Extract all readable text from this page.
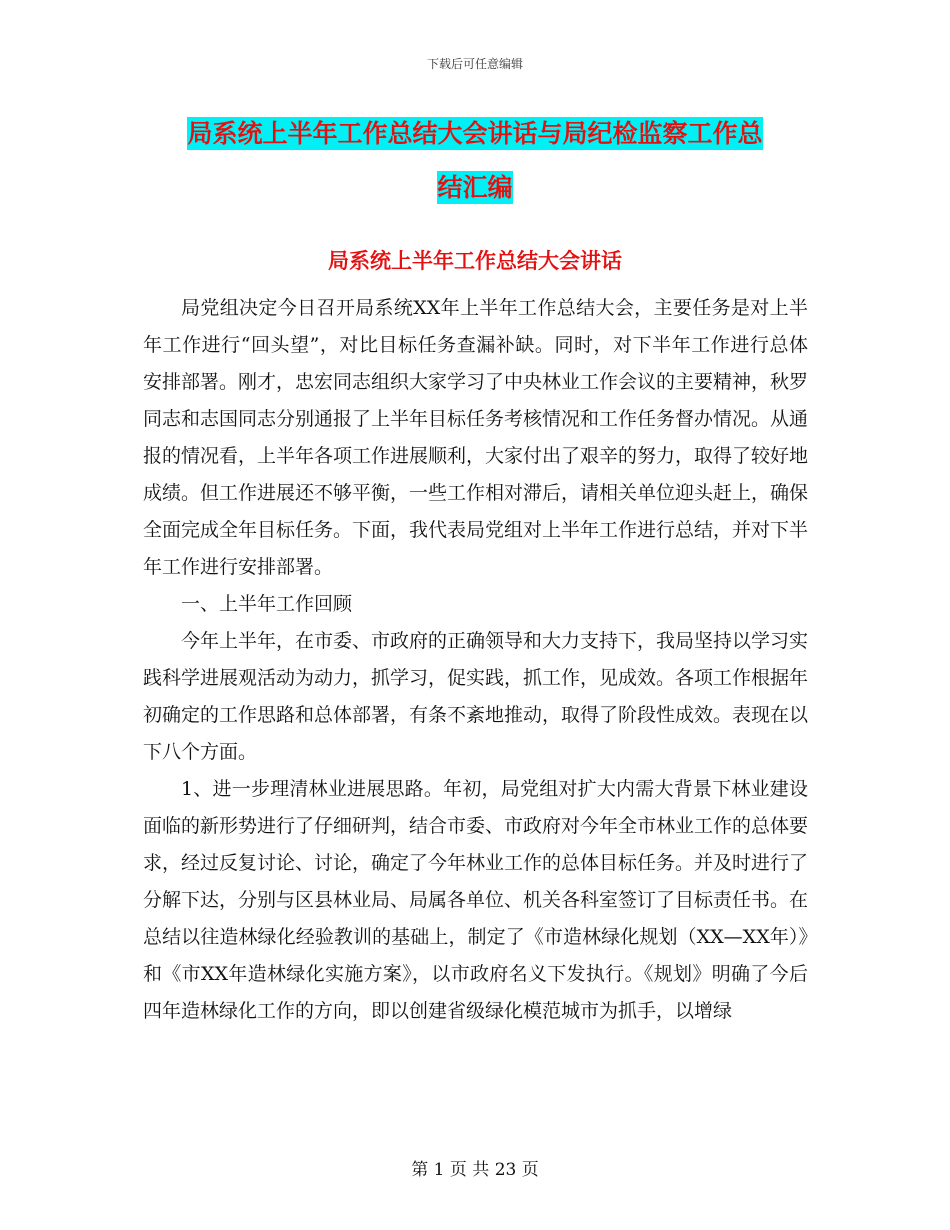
下载后可任意编辑
局系统上半年工作总结大会讲话与局纪检监察工作总
结汇编
局系统上半年工作总结大会讲话

局党组决定今日召开局系统XX年上半年工作总结大会，主要任务是对上半年工作进行“回头望”，对比目标任务查漏补缺。同时，对下半年工作进行总体安排部署。刚才，忠宏同志组织大家学习了中央林业工作会议的主要精神，秋罗同志和志国同志分别通报了上半年目标任务考核情况和工作任务督办情况。从通报的情况看，上半年各项工作进展顺利，大家付出了艰辛的努力，取得了较好地成绩。但工作进展还不够平衡，一些工作相对滞后，请相关单位迎头赶上，确保全面完成全年目标任务。下面，我代表局党组对上半年工作进行总结，并对下半年工作进行安排部署。

一、上半年工作回顾

今年上半年，在市委、市政府的正确领导和大力支持下，我局坚持以学习实践科学进展观活动为动力，抓学习，促实践，抓工作，见成效。各项工作根据年初确定的工作思路和总体部署，有条不紊地推动，取得了阶段性成效。表现在以下八个方面。

1、进一步理清林业进展思路。年初，局党组对扩大内需大背景下林业建设面临的新形势进行了仔细研判，结合市委、市政府对今年全市林业工作的总体要求，经过反复讨论、讨论，确定了今年林业工作的总体目标任务。并及时进行了分解下达，分别与区县林业局、局属各单位、机关各科室签订了目标责任书。在总结以往造林绿化经验教训的基础上，制定了《市造林绿化规划（XX—XX年）》和《市XX年造林绿化实施方案》，以市政府名义下发执行。《规划》明确了今后四年造林绿化工作的方向，即以创建省级绿化模范城市为抓手，以增绿

第 1 页 共 23 页
